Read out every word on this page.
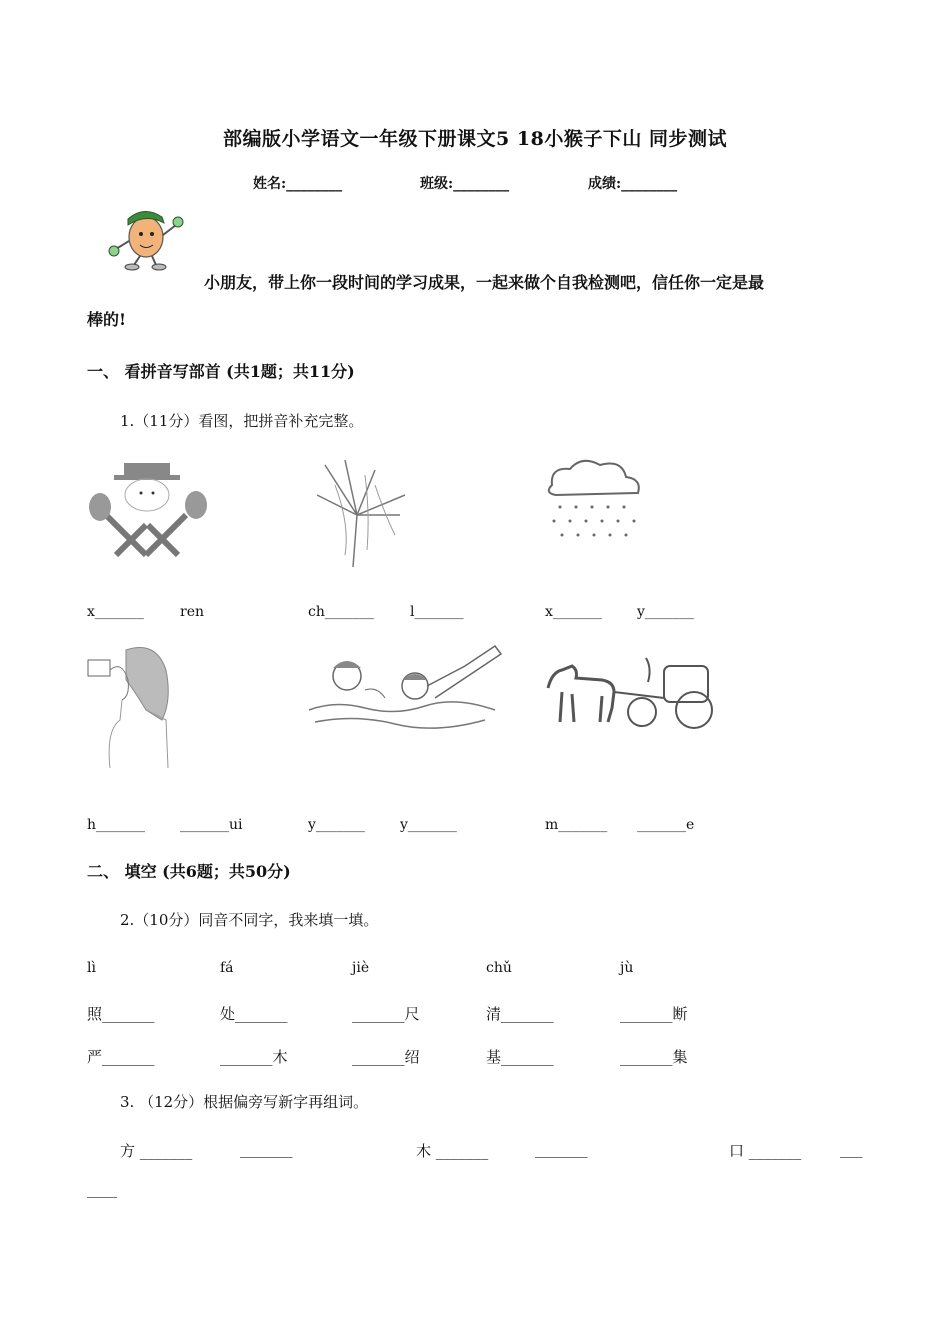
部编版小学语文一年级下册课文5 18小猴子下山 同步测试
姓名:________	班级:________	成绩:________
小朋友，带上你一段时间的学习成果，一起来做个自我检测吧，信任你一定是最
棒的!
一、 看拼音写部首 (共1题；共11分)
1.（11分）看图，把拼音补充完整。
x_______	ren	ch_______	l_______	x_______	y_______
h_______ _______ui	y_______	y_______	m_______ _______e
二、 填空 (共6题；共50分)
2.（10分）同音不同字，我来填一填。
lì	fá	jiè	chǔ	jù
照_______	处_______	_______尺	清_______	_______断
严_______	_______木	_______绍	基_______	_______集
3. （12分）根据偏旁写新字再组词。
方 _______	_______	木 _______	_______	口 _______	___
____
